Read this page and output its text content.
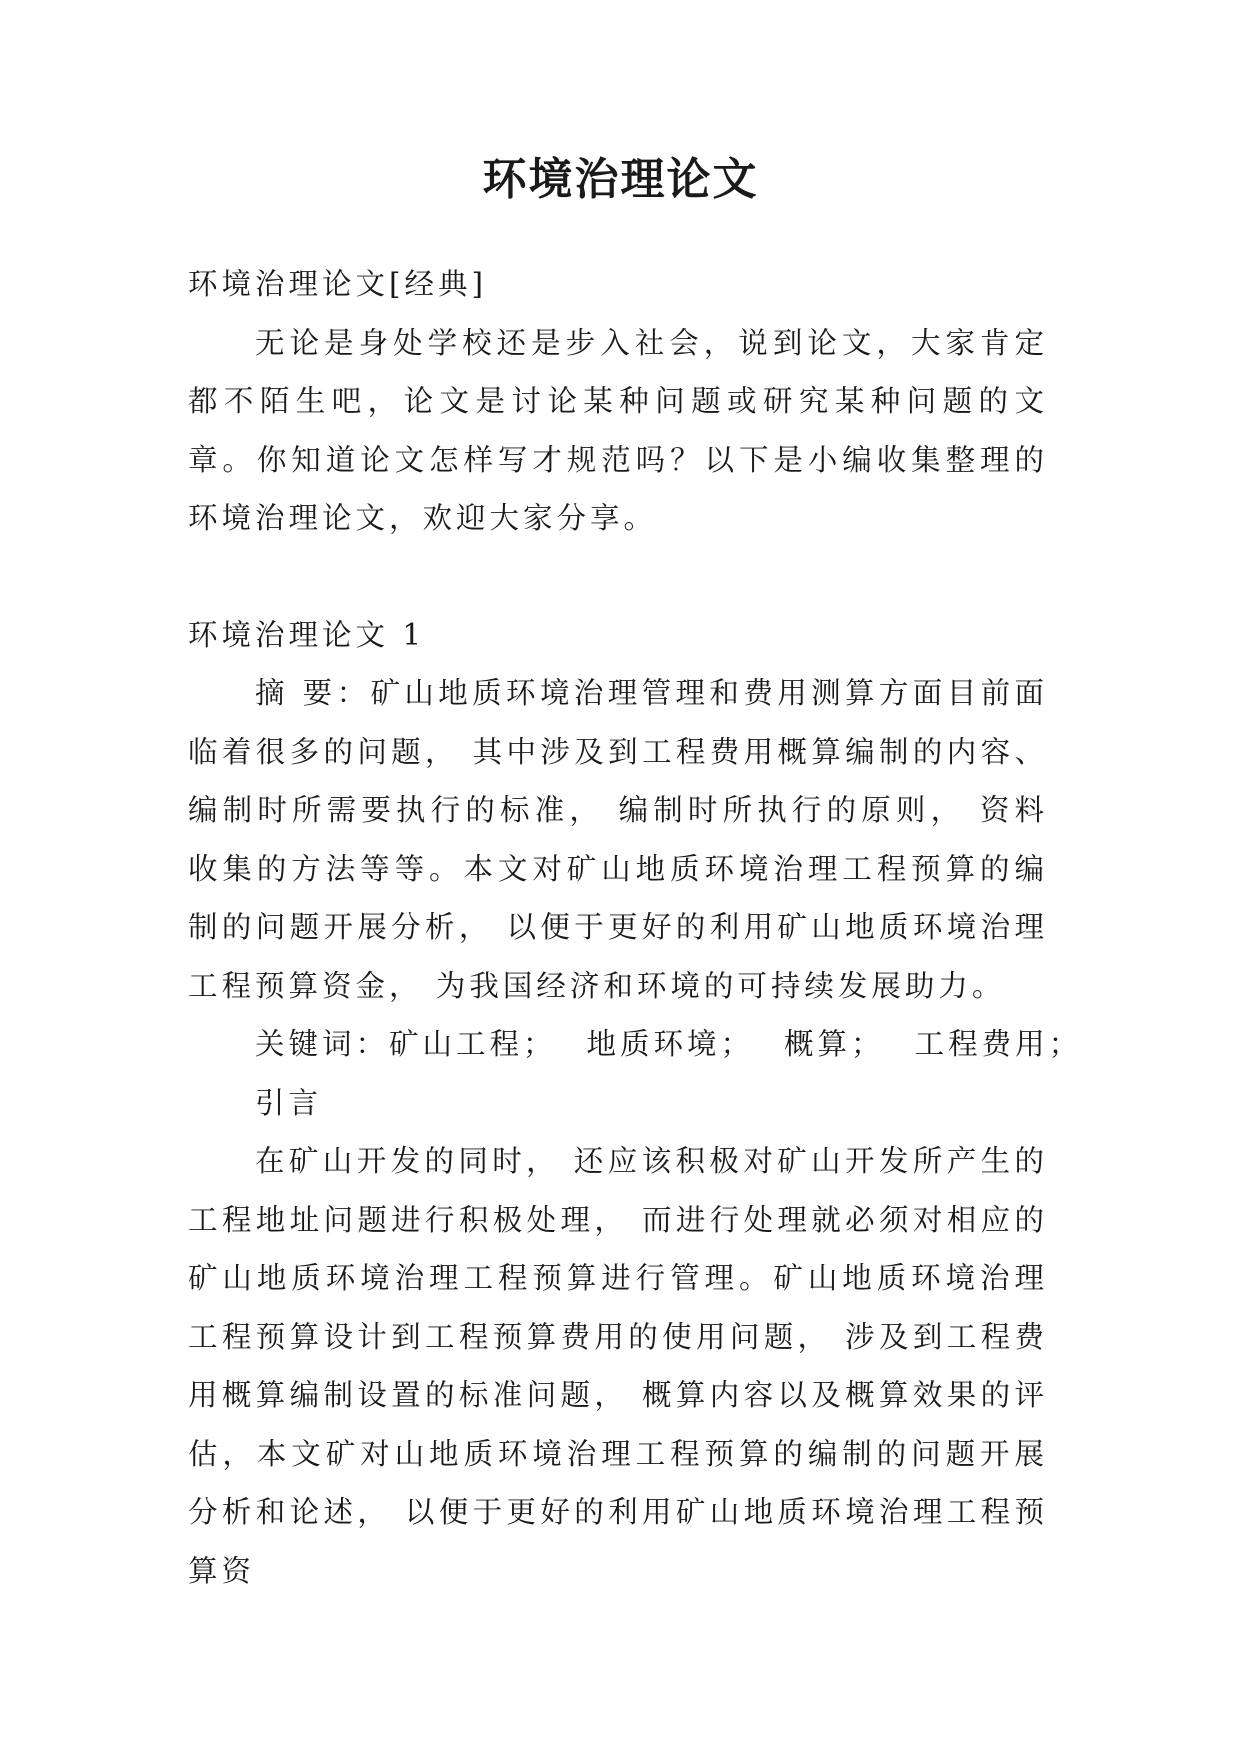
环境治理论文

环境治理论文[经典]

无论是身处学校还是步入社会，说到论文，大家肯定都不陌生吧，论文是讨论某种问题或研究某种问题的文章。你知道论文怎样写才规范吗？以下是小编收集整理的环境治理论文，欢迎大家分享。

环境治理论文 1

摘 要：矿山地质环境治理管理和费用测算方面目前面临着很多的问题， 其中涉及到工程费用概算编制的内容、编制时所需要执行的标准， 编制时所执行的原则， 资料收集的方法等等。本文对矿山地质环境治理工程预算的编制的问题开展分析， 以便于更好的利用矿山地质环境治理工程预算资金， 为我国经济和环境的可持续发展助力。

关键词：矿山工程； 地质环境； 概算； 工程费用；

引言

在矿山开发的同时， 还应该积极对矿山开发所产生的工程地址问题进行积极处理， 而进行处理就必须对相应的矿山地质环境治理工程预算进行管理。矿山地质环境治理工程预算设计到工程预算费用的使用问题， 涉及到工程费用概算编制设置的标准问题， 概算内容以及概算效果的评估，本文矿对山地质环境治理工程预算的编制的问题开展分析和论述， 以便于更好的利用矿山地质环境治理工程预算资
